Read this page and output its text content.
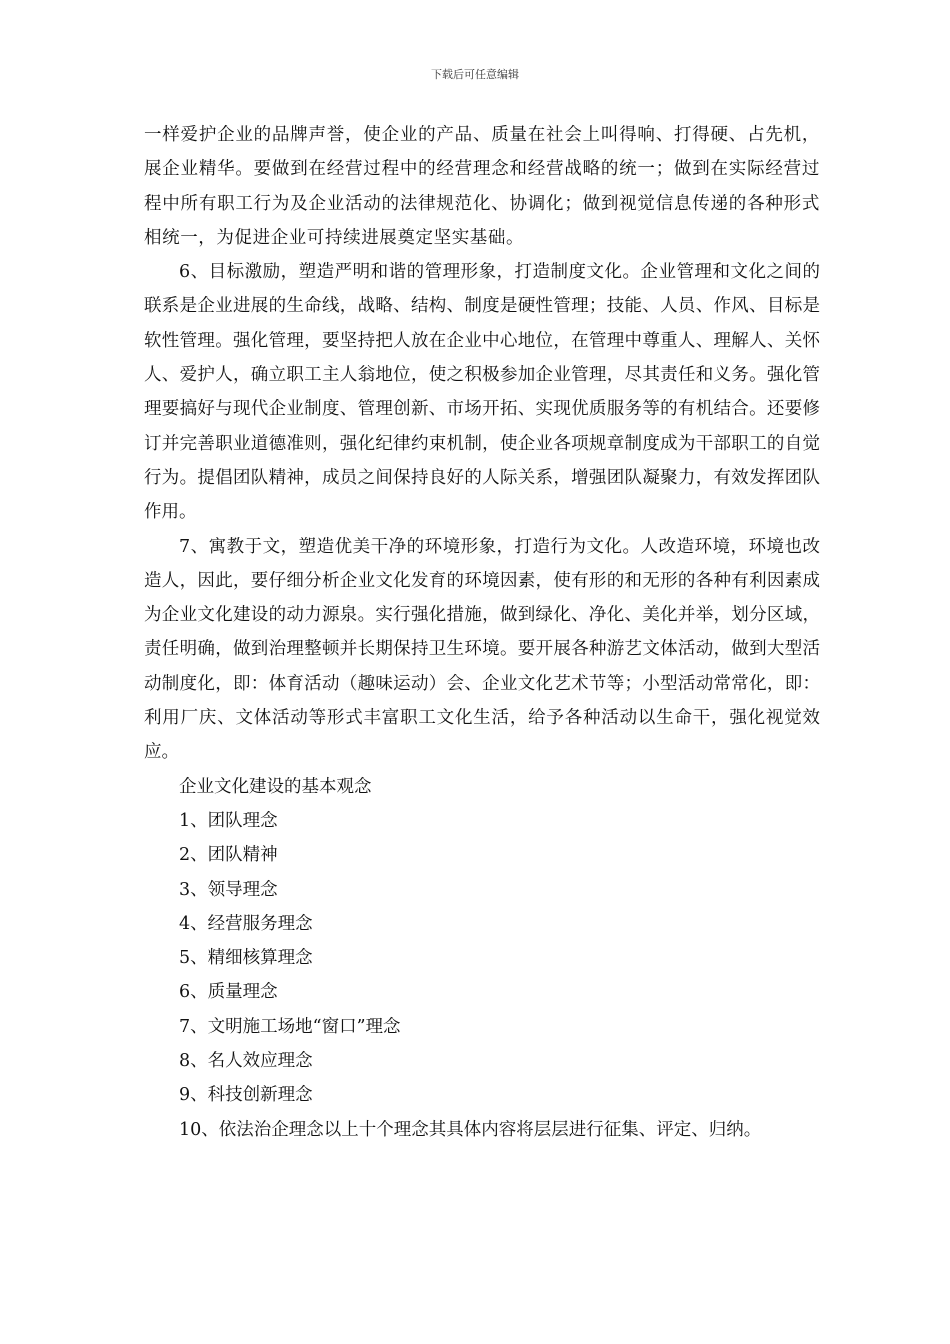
下载后可任意编辑

一样爱护企业的品牌声誉，使企业的产品、质量在社会上叫得响、打得硬、占先机，展企业精华。要做到在经营过程中的经营理念和经营战略的统一；做到在实际经营过程中所有职工行为及企业活动的法律规范化、协调化；做到视觉信息传递的各种形式相统一，为促进企业可持续进展奠定坚实基础。

6、目标激励，塑造严明和谐的管理形象，打造制度文化。企业管理和文化之间的联系是企业进展的生命线，战略、结构、制度是硬性管理；技能、人员、作风、目标是软性管理。强化管理，要坚持把人放在企业中心地位，在管理中尊重人、理解人、关怀人、爱护人，确立职工主人翁地位，使之积极参加企业管理，尽其责任和义务。强化管理要搞好与现代企业制度、管理创新、市场开拓、实现优质服务等的有机结合。还要修订并完善职业道德准则，强化纪律约束机制，使企业各项规章制度成为干部职工的自觉行为。提倡团队精神，成员之间保持良好的人际关系，增强团队凝聚力，有效发挥团队作用。

7、寓教于文，塑造优美干净的环境形象，打造行为文化。人改造环境，环境也改造人，因此，要仔细分析企业文化发育的环境因素，使有形的和无形的各种有利因素成为企业文化建设的动力源泉。实行强化措施，做到绿化、净化、美化并举，划分区域，责任明确，做到治理整顿并长期保持卫生环境。要开展各种游艺文体活动，做到大型活动制度化，即：体育活动（趣味运动）会、企业文化艺术节等；小型活动常常化，即：利用厂庆、文体活动等形式丰富职工文化生活，给予各种活动以生命干，强化视觉效应。

企业文化建设的基本观念

1、团队理念

2、团队精神

3、领导理念

4、经营服务理念

5、精细核算理念

6、质量理念

7、文明施工场地“窗口”理念

8、名人效应理念

9、科技创新理念

10、依法治企理念以上十个理念其具体内容将层层进行征集、评定、归纳。
